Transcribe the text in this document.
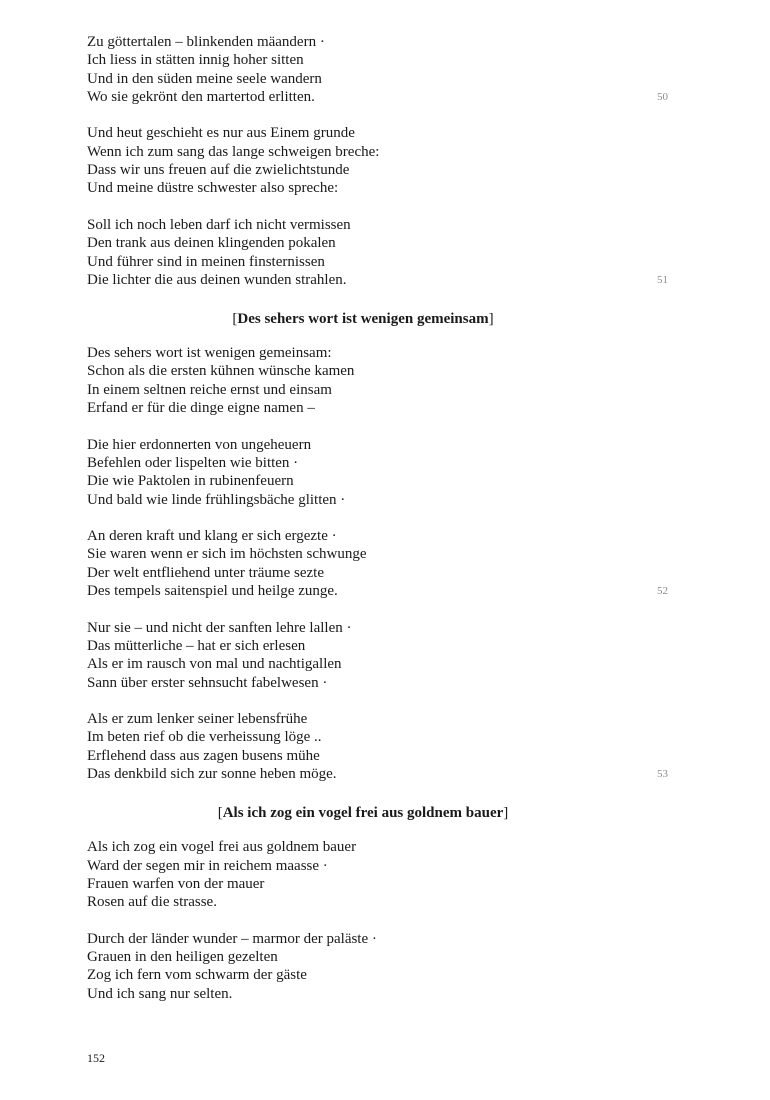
Zu göttertalen – blinkenden mäandern ·
Ich liess in stätten innig hoher sitten
Und in den süden meine seele wandern
Wo sie gekrönt den martertod erlitten.	50
Und heut geschieht es nur aus Einem grunde
Wenn ich zum sang das lange schweigen breche:
Dass wir uns freuen auf die zwielichtstunde
Und meine düstre schwester also spreche:
Soll ich noch leben darf ich nicht vermissen
Den trank aus deinen klingenden pokalen
Und führer sind in meinen finsternissen
Die lichter die aus deinen wunden strahlen.	51
[Des sehers wort ist wenigen gemeinsam]
Des sehers wort ist wenigen gemeinsam:
Schon als die ersten kühnen wünsche kamen
In einem seltnen reiche ernst und einsam
Erfand er für die dinge eigne namen –
Die hier erdonnerten von ungeheuern
Befehlen oder lispelten wie bitten ·
Die wie Paktolen in rubinenfeuern
Und bald wie linde frühlingsbäche glitten ·
An deren kraft und klang er sich ergezte ·
Sie waren wenn er sich im höchsten schwunge
Der welt entfliehend unter träume sezte
Des tempels saitenspiel und heilge zunge.	52
Nur sie – und nicht der sanften lehre lallen ·
Das mütterliche – hat er sich erlesen
Als er im rausch von mal und nachtigallen
Sann über erster sehnsucht fabelwesen ·
Als er zum lenker seiner lebensfrühe
Im beten rief ob die verheissung löge ..
Erflehend dass aus zagen busens mühe
Das denkbild sich zur sonne heben möge.	53
[Als ich zog ein vogel frei aus goldnem bauer]
Als ich zog ein vogel frei aus goldnem bauer
Ward der segen mir in reichem maasse ·
Frauen warfen von der mauer
Rosen auf die strasse.
Durch der länder wunder – marmor der paläste ·
Grauen in den heiligen gezelten
Zog ich fern vom schwarm der gäste
Und ich sang nur selten.
152
